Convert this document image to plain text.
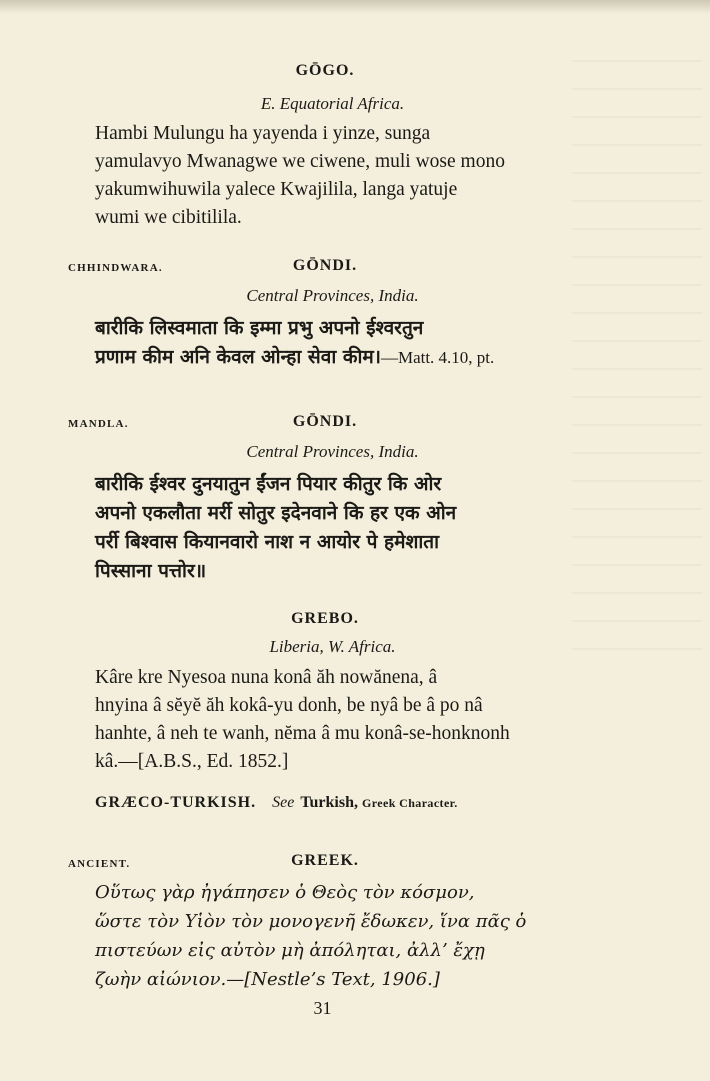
GŌGO.
E. Equatorial Africa.
Hambi Mulungu ha yayenda i yinze, sunga
yamulavyo Mwanagwe we ciwene, muli wose mono
yakumwihuwila yalece Kwajilila, langa yatuje
wumi we cibitilila.
CHHINDWARA.	GŌNDI.
Central Provinces, India.
बारीकि लिस्वमाता कि इम्मा प्रभु अपनो ईश्वरतुन
प्रणाम कीम अनि केवल ओन्हा सेवा कीम।—Matt. 4.10, pt.
MANDLA.	GŌNDI.
Central Provinces, India.
बारीकि ईश्वर दुनयातुन ईंजन पियार कीतुर कि ओर
अपनो एकलौता मर्री सोतुर इदेनवाने कि हर एक ओन
पर्री बिश्वास कियानवारो नाश न आयोर पे हमेशाता
पिस्साना पत्तोर॥
GREBO.
Liberia, W. Africa.
Kâre kre Nyesoa nuna konâ ăh nowănena, â
hnyina â sĕyĕ ăh kokâ-yu donh, be nyâ be â po nâ
hanhte, â neh te wanh, nĕma â mu konâ-se-honknonh
kâ.—[A.B.S., Ed. 1852.]
GRÆCO-TURKISH. See Turkish, Greek Character.
ANCIENT.	GREEK.
Οὕτως γὰρ ἠγάπησεν ὁ Θεὸς τὸν κόσμον,
ὥστε τὸν Υἱὸν τὸν μονογενῆ ἔδωκεν, ἵνα πᾶς ὁ
πιστεύων εἰς αὐτὸν μὴ ἀπόληται, ἀλλ’ ἔχῃ
ζωὴν αἰώνιον.—[Nestle’s Text, 1906.]
31
